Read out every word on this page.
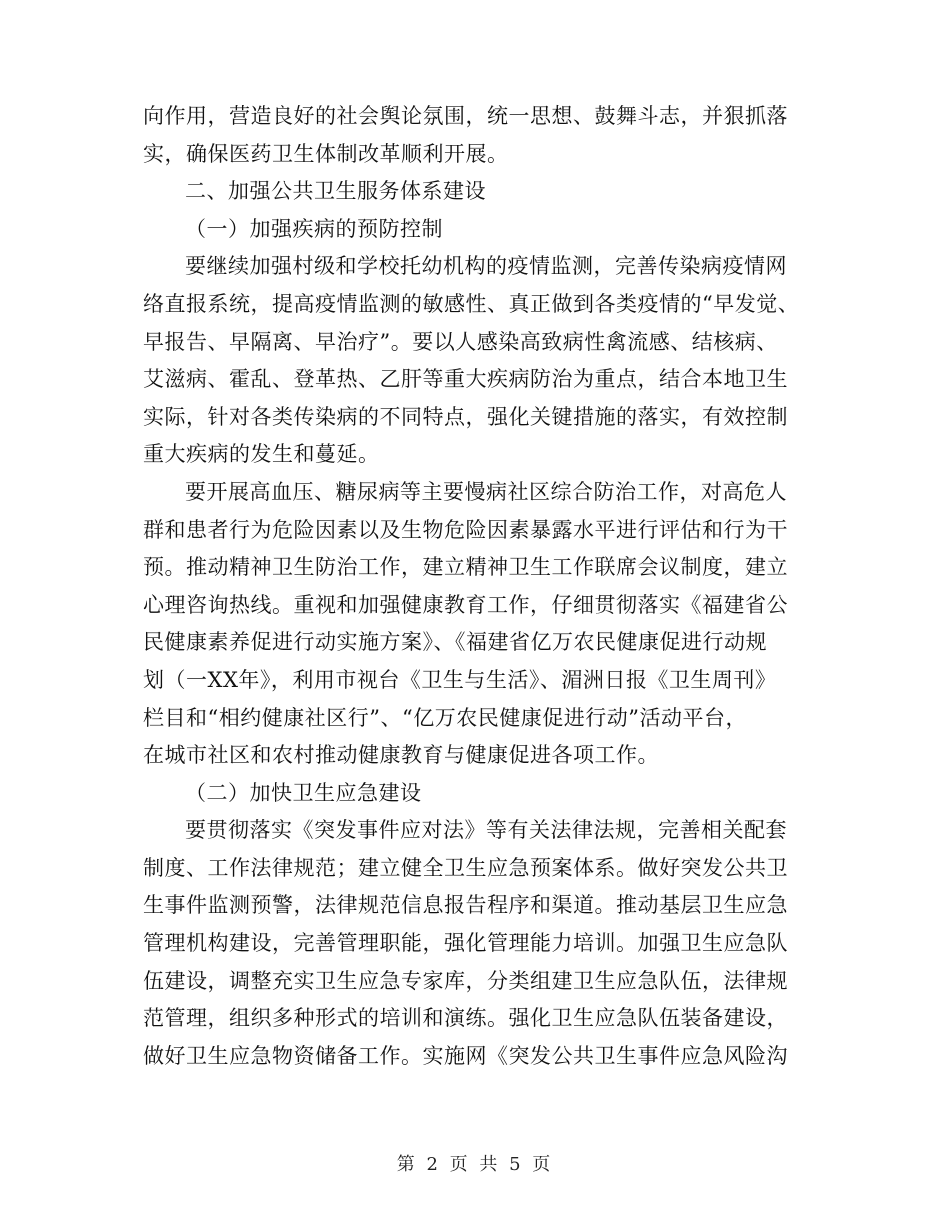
向作用，营造良好的社会舆论氛围，统一思想、鼓舞斗志，并狠抓落
实，确保医药卫生体制改革顺利开展。
二、加强公共卫生服务体系建设
（一）加强疾病的预防控制
要继续加强村级和学校托幼机构的疫情监测，完善传染病疫情网
络直报系统，提高疫情监测的敏感性、真正做到各类疫情的“早发觉、
早报告、早隔离、早治疗”。要以人感染高致病性禽流感、结核病、
艾滋病、霍乱、登革热、乙肝等重大疾病防治为重点，结合本地卫生
实际，针对各类传染病的不同特点，强化关键措施的落实，有效控制
重大疾病的发生和蔓延。
要开展高血压、糖尿病等主要慢病社区综合防治工作，对高危人
群和患者行为危险因素以及生物危险因素暴露水平进行评估和行为干
预。推动精神卫生防治工作，建立精神卫生工作联席会议制度，建立
心理咨询热线。重视和加强健康教育工作，仔细贯彻落实《福建省公
民健康素养促进行动实施方案》、《福建省亿万农民健康促进行动规
划（一XX年》，利用市视台《卫生与生活》、湄洲日报《卫生周刊》
栏目和“相约健康社区行”、“亿万农民健康促进行动”活动平台，
在城市社区和农村推动健康教育与健康促进各项工作。
（二）加快卫生应急建设
要贯彻落实《突发事件应对法》等有关法律法规，完善相关配套
制度、工作法律规范；建立健全卫生应急预案体系。做好突发公共卫
生事件监测预警，法律规范信息报告程序和渠道。推动基层卫生应急
管理机构建设，完善管理职能，强化管理能力培训。加强卫生应急队
伍建设，调整充实卫生应急专家库，分类组建卫生应急队伍，法律规
范管理，组织多种形式的培训和演练。强化卫生应急队伍装备建设，
做好卫生应急物资储备工作。实施网《突发公共卫生事件应急风险沟
第 2 页 共 5 页
